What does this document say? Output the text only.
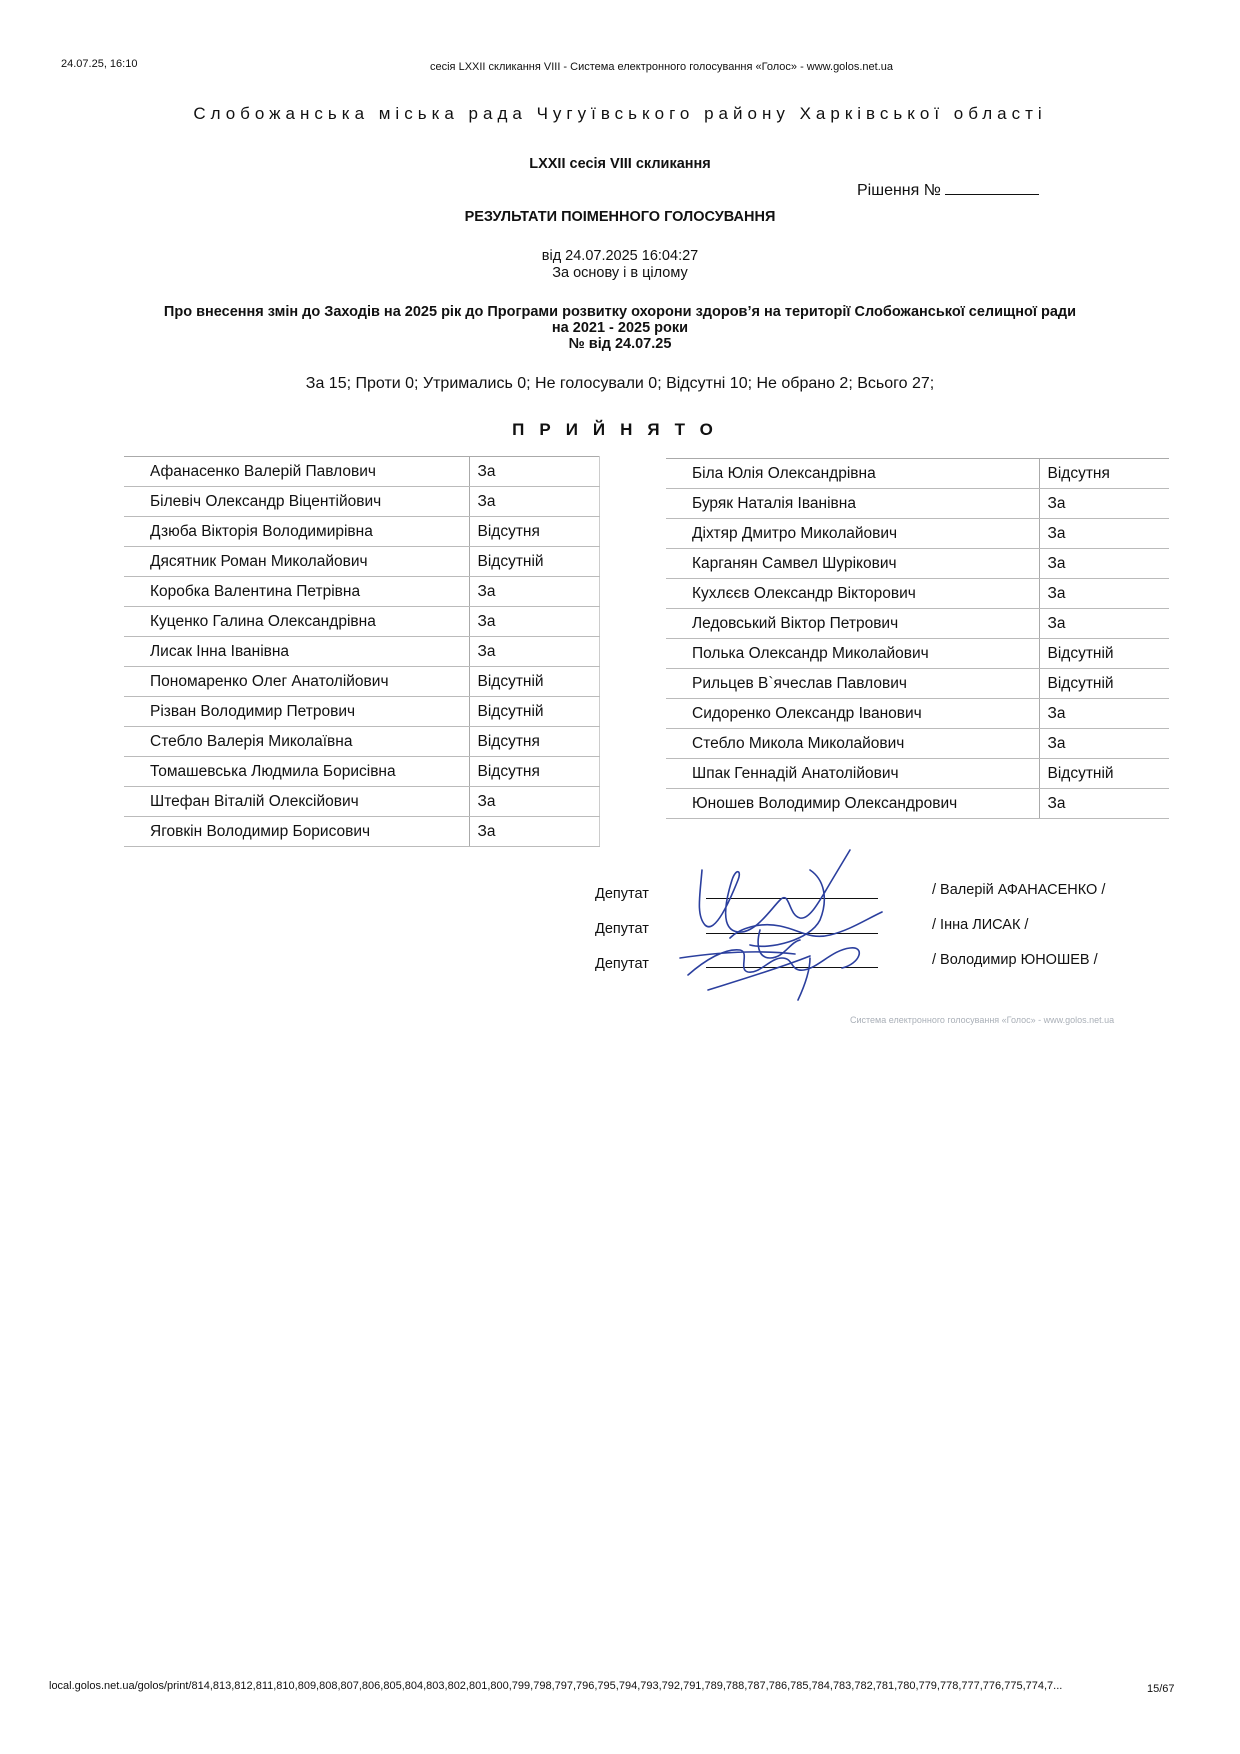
24.07.25, 16:10	сесія LXXII скликання VIII - Система електронного голосування «Голос» - www.golos.net.ua
Слобожанська міська рада Чугуївського району Харківської області
LXXII сесія VIII скликання
Рішення №
РЕЗУЛЬТАТИ ПОІМЕННОГО ГОЛОСУВАННЯ
від 24.07.2025 16:04:27
За основу і в цілому
Про внесення змін до Заходів на 2025 рік до Програми розвитку охорони здоров’я на території Слобожанської селищної ради
на 2021 - 2025 роки
№ від 24.07.25
За 15; Проти 0; Утримались 0; Не голосували 0; Відсутні 10; Не обрано 2; Всього 27;
ПРИЙНЯТО
Афанасенко Валерій Павлович	За
Білевіч Олександр Віцентійович	За
Дзюба Вікторія Володимирівна	Відсутня
Дясятник Роман Миколайович	Відсутній
Коробка Валентина Петрівна	За
Куценко Галина Олександрівна	За
Лисак Інна Іванівна	За
Пономаренко Олег Анатолійович	Відсутній
Різван Володимир Петрович	Відсутній
Стебло Валерія Миколаївна	Відсутня
Томашевська Людмила Борисівна	Відсутня
Штефан Віталій Олексійович	За
Яговкін Володимир Борисович	За
Біла Юлія Олександрівна	Відсутня
Буряк Наталія Іванівна	За
Діхтяр Дмитро Миколайович	За
Карганян Самвел Шурікович	За
Кухлєєв Олександр Вікторович	За
Ледовський Віктор Петрович	За
Полька Олександр Миколайович	Відсутній
Рильцев В`ячеслав Павлович	Відсутній
Сидоренко Олександр Іванович	За
Стебло Микола Миколайович	За
Шпак Геннадій Анатолійович	Відсутній
Юношев Володимир Олександрович	За
Депутат
Депутат
Депутат
/ Валерій АФАНАСЕНКО /
/ Інна ЛИСАК /
/ Володимир ЮНОШЕВ /
Система електронного голосування «Голос» - www.golos.net.ua
local.golos.net.ua/golos/print/814,813,812,811,810,809,808,807,806,805,804,803,802,801,800,799,798,797,796,795,794,793,792,791,789,788,787,786,785,784,783,782,781,780,779,778,777,776,775,774,7...	15/67
